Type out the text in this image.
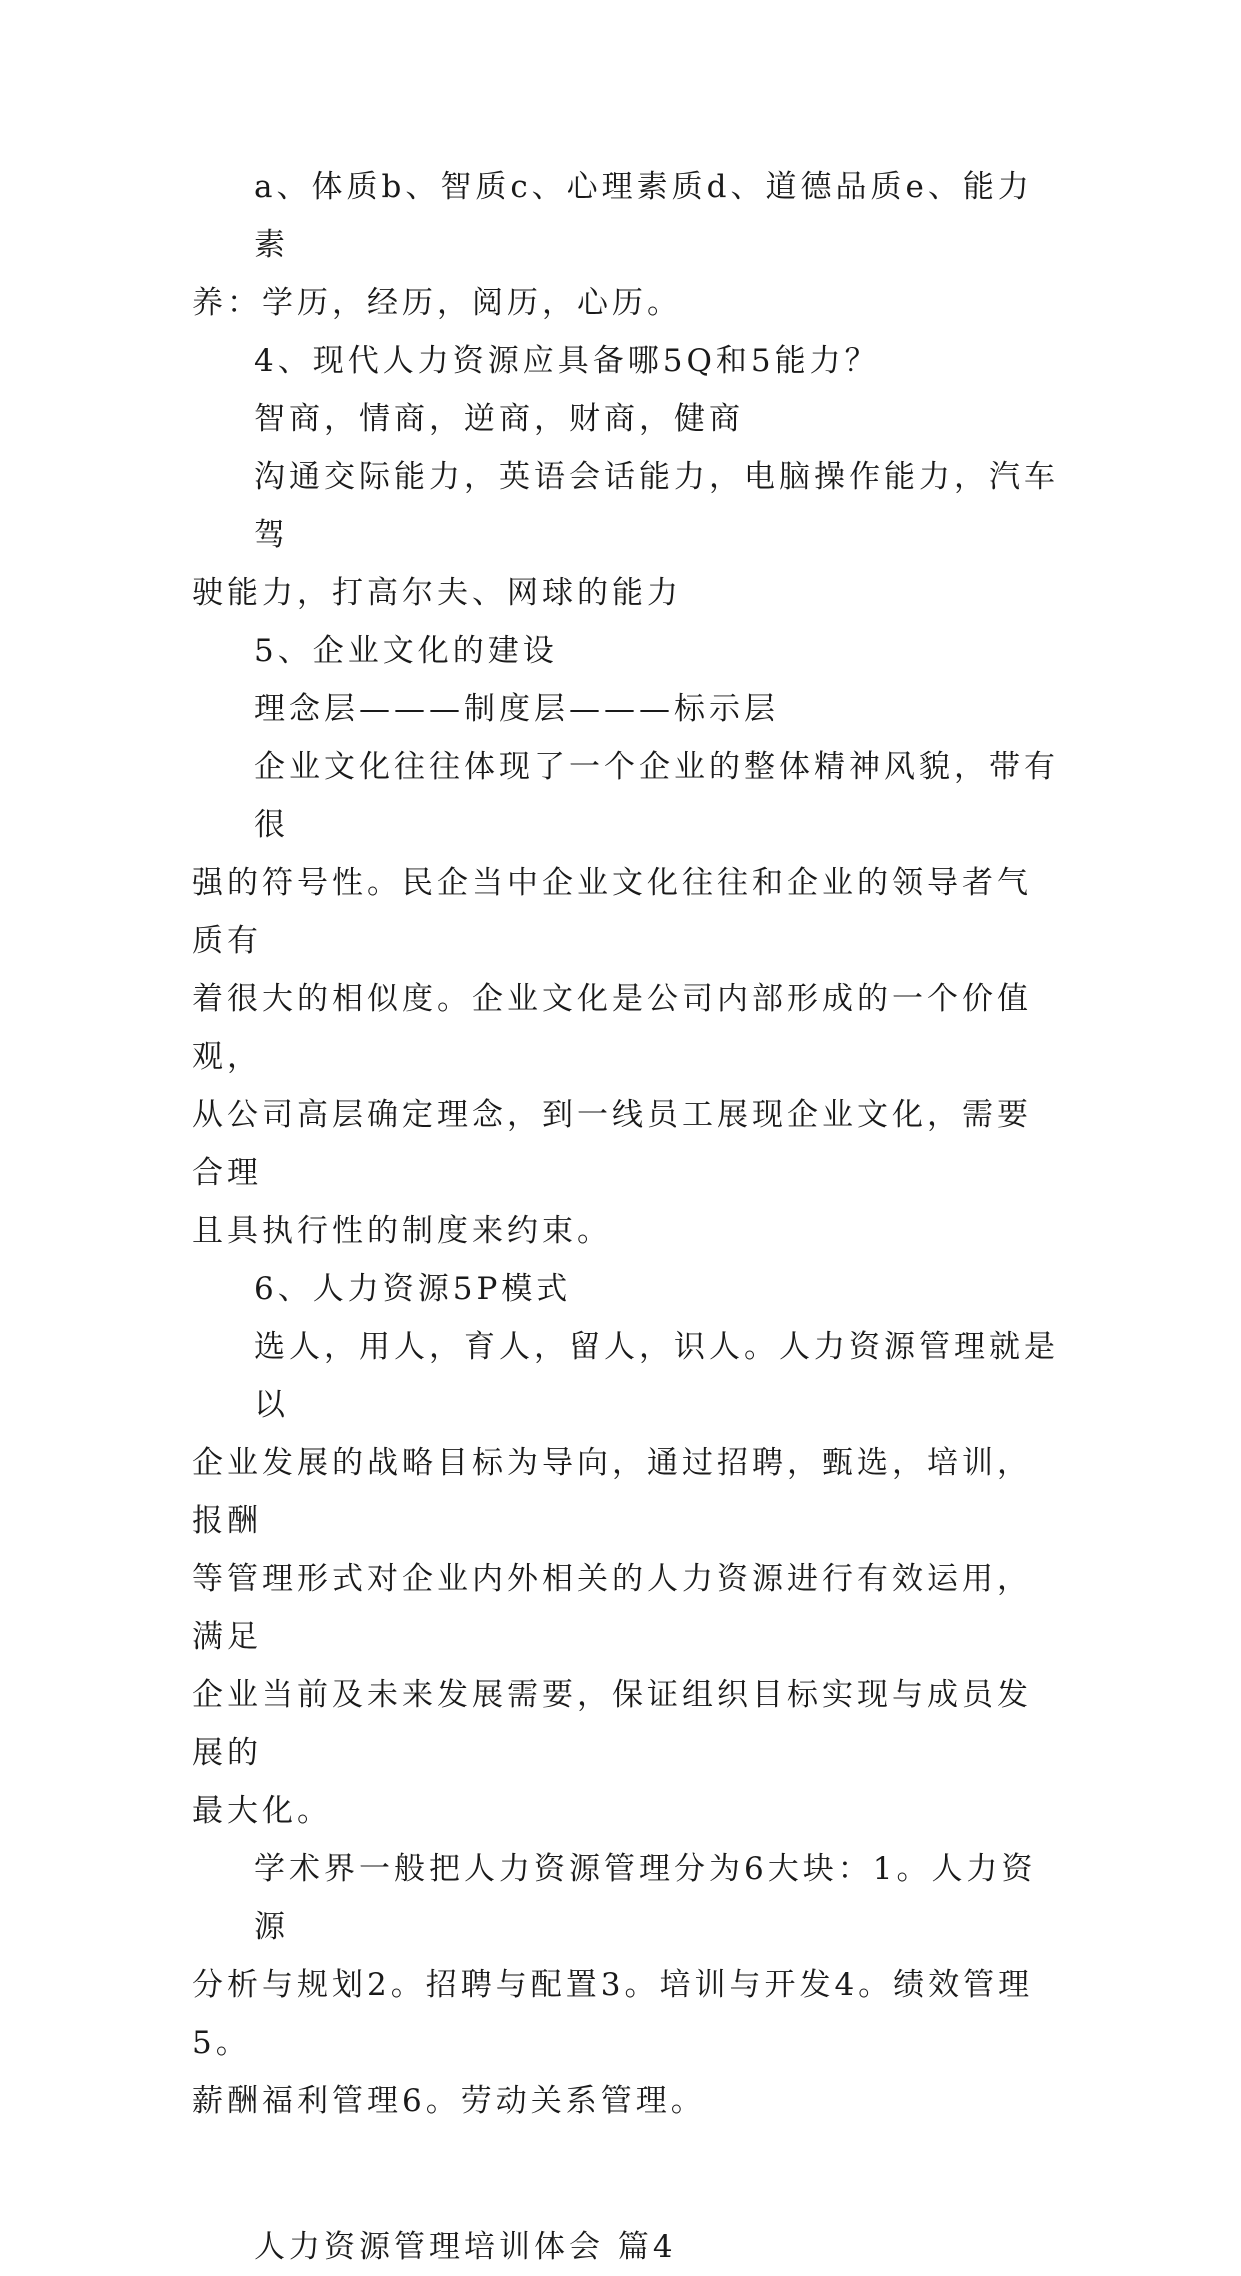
a、体质b、智质c、心理素质d、道德品质e、能力素
养：学历，经历，阅历，心历。
4、现代人力资源应具备哪5Q和5能力？
智商，情商，逆商，财商，健商
沟通交际能力，英语会话能力，电脑操作能力，汽车驾
驶能力，打高尔夫、网球的能力
5、企业文化的建设
理念层———制度层———标示层
企业文化往往体现了一个企业的整体精神风貌，带有很
强的符号性。民企当中企业文化往往和企业的领导者气质有
着很大的相似度。企业文化是公司内部形成的一个价值观，
从公司高层确定理念，到一线员工展现企业文化，需要合理
且具执行性的制度来约束。
6、人力资源5P模式
选人，用人，育人，留人，识人。人力资源管理就是以
企业发展的战略目标为导向，通过招聘，甄选，培训，报酬
等管理形式对企业内外相关的人力资源进行有效运用，满足
企业当前及未来发展需要，保证组织目标实现与成员发展的
最大化。
学术界一般把人力资源管理分为6大块：1。人力资源
分析与规划2。招聘与配置3。培训与开发4。绩效管理5。
薪酬福利管理6。劳动关系管理。
人力资源管理培训体会 篇4
